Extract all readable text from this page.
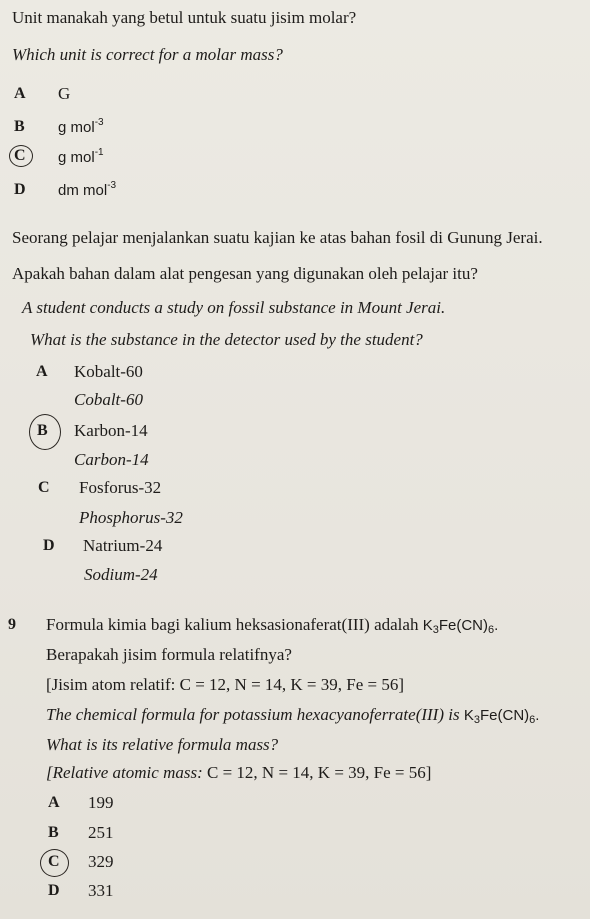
Unit manakah yang betul untuk suatu jisim molar?
Which unit is correct for a molar mass?
A G
B g mol$^{-3}$
C g mol$^{-1}$
D dm mol$^{-3}$
Seorang pelajar menjalankan suatu kajian ke atas bahan fosil di Gunung Jerai.
Apakah bahan dalam alat pengesan yang digunakan oleh pelajar itu?
A student conducts a study on fossil substance in Mount Jerai.
What is the substance in the detector used by the student?
A Kobalt-60
Cobalt-60
B Karbon-14
Carbon-14
C Fosforus-32
Phosphorus-32
D Natrium-24
Sodium-24
9 Formula kimia bagi kalium heksasionaferat(III) adalah $K_3Fe(CN)_6$.
Berapakah jisim formula relatifnya?
[Jisim atom relatif: C = 12, N = 14, K = 39, Fe = 56]
The chemical formula for potassium hexacyanoferrate(III) is $K_3Fe(CN)_6$.
What is its relative formula mass?
[Relative atomic mass: C = 12, N = 14, K = 39, Fe = 56]
A 199
B 251
C 329
D 331
